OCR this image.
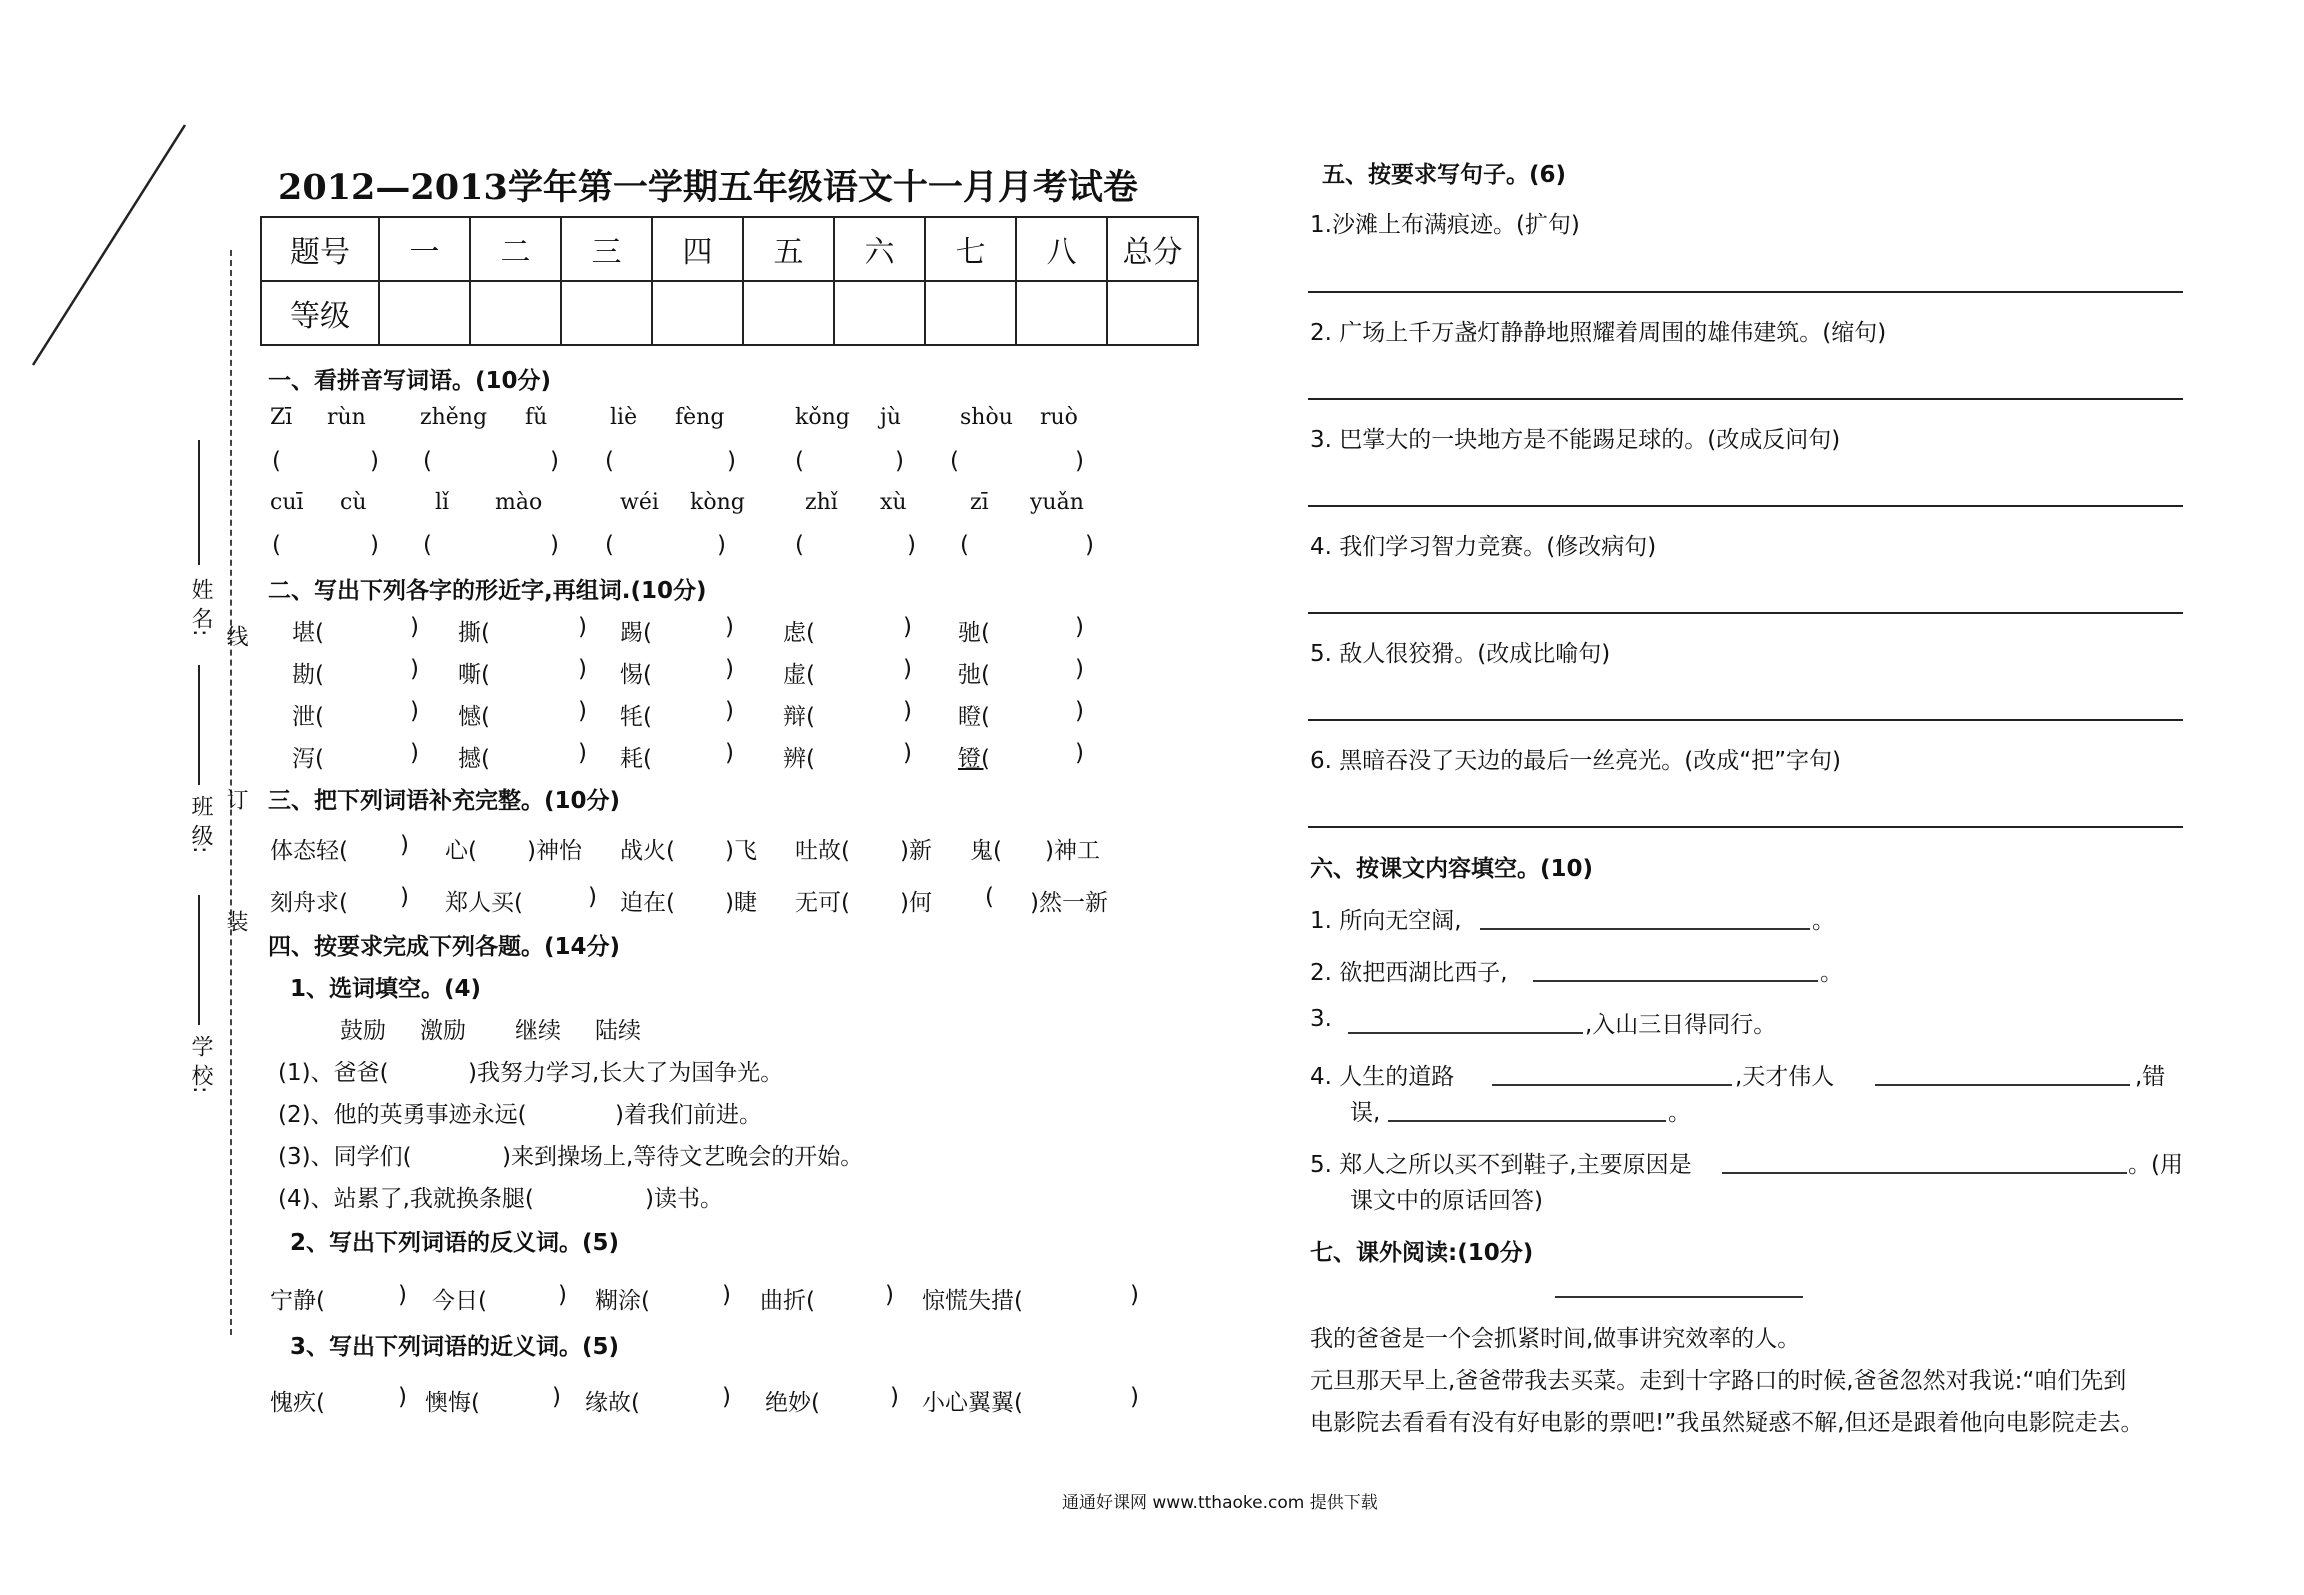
线
订
装
姓 名:
班 级:
学 校:
2012—2013学年第一学期五年级语文十一月月考试卷
题号	一	二	三	四	五	六	七	八	总分
等级									
一、看拼音写词语。(10分)
Zī rùn zhěng fǔ	liè fèng	kǒng jù	shòu ruò
(	) (	) (	)	(	) (	)
cuī cù	lǐ mào	wéi kòng	zhǐ xù	zī yuǎn
(	) (	) (	)	(	) (	)
二、写出下列各字的形近字,再组词.(10分)
堪(	) 撕(	) 踢(	) 虑(	) 驰(	)
勘(	) 嘶(	) 惕(	) 虚(	) 弛(	)
泄(	) 憾(	) 牦(	) 辩(	) 瞪(	)
泻(	) 撼(	) 耗(	) 辨(	) 镫(	)
三、把下列词语补充完整。(10分)
体态轻( ) 心( )神怡 战火( )飞 吐故( )新 鬼( )神工
刻舟求( ) 郑人买(	) 迫在( )睫 无可( )何 ( )然一新
四、按要求完成下列各题。(14分)
1、选词填空。(4)
鼓励 激励 继续 陆续
(1)、爸爸(	)我努力学习,长大了为国争光。
(2)、他的英勇事迹永远(	)着我们前进。
(3)、同学们(	)来到操场上,等待文艺晚会的开始。
(4)、站累了,我就换条腿(	)读书。
2、写出下列词语的反义词。(5)
宁静(	) 今日(	) 糊涂(	) 曲折(	) 惊慌失措(	)
3、写出下列词语的近义词。(5)
愧疚(	) 懊悔(	) 缘故(	) 绝妙(	) 小心翼翼(	)
五、按要求写句子。(6)
1.沙滩上布满痕迹。(扩句)
2. 广场上千万盏灯静静地照耀着周围的雄伟建筑。(缩句)
3. 巴掌大的一块地方是不能踢足球的。(改成反问句)
4. 我们学习智力竞赛。(修改病句)
5. 敌人很狡猾。(改成比喻句)
6. 黑暗吞没了天边的最后一丝亮光。(改成“把”字句)
六、按课文内容填空。(10)
1. 所向无空阔,	。
2. 欲把西湖比西子,	。
3.	,入山三日得同行。
4. 人生的道路	,天才伟人	,错
误,	。
5. 郑人之所以买不到鞋子,主要原因是	。(用
课文中的原话回答)
七、课外阅读:(10分)
我的爸爸是一个会抓紧时间,做事讲究效率的人。
元旦那天早上,爸爸带我去买菜。走到十字路口的时候,爸爸忽然对我说:“咱们先到
电影院去看看有没有好电影的票吧!”我虽然疑惑不解,但还是跟着他向电影院走去。
通通好课网 www.tthaoke.com 提供下载
